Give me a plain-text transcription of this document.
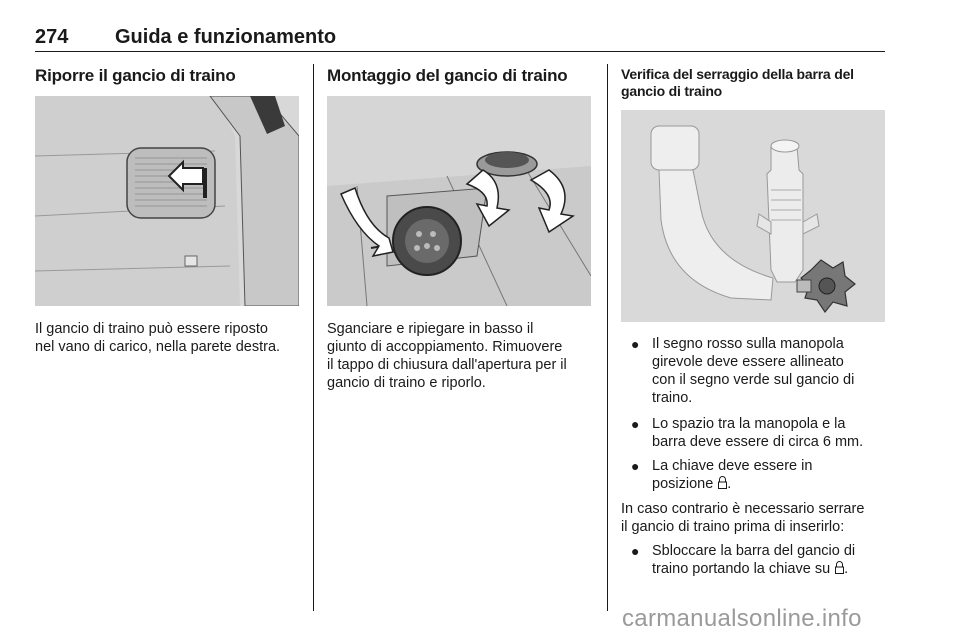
274 Guida e funzionamento
Riporre il gancio di traino

Il gancio di traino può essere riposto

nel vano di carico, nella parete destra.

Montaggio del gancio di traino

Sganciare e ripiegare in basso il

giunto di accoppiamento. Rimuovere

il tappo di chiusura dall'apertura per il

gancio di traino e riporlo.

Verifica del serraggio della barra del
gancio di traino
● Il segno rosso sulla manopola
girevole deve essere allineato
con il segno verde sul gancio di
traino.
● Lo spazio tra la manopola e la
barra deve essere di circa 6 mm.
● La chiave deve essere in
posizione .

In caso contrario è necessario serrare

il gancio di traino prima di inserirlo:

● Sbloccare la barra del gancio di
traino portando la chiave su .
carmanualsonline.info
